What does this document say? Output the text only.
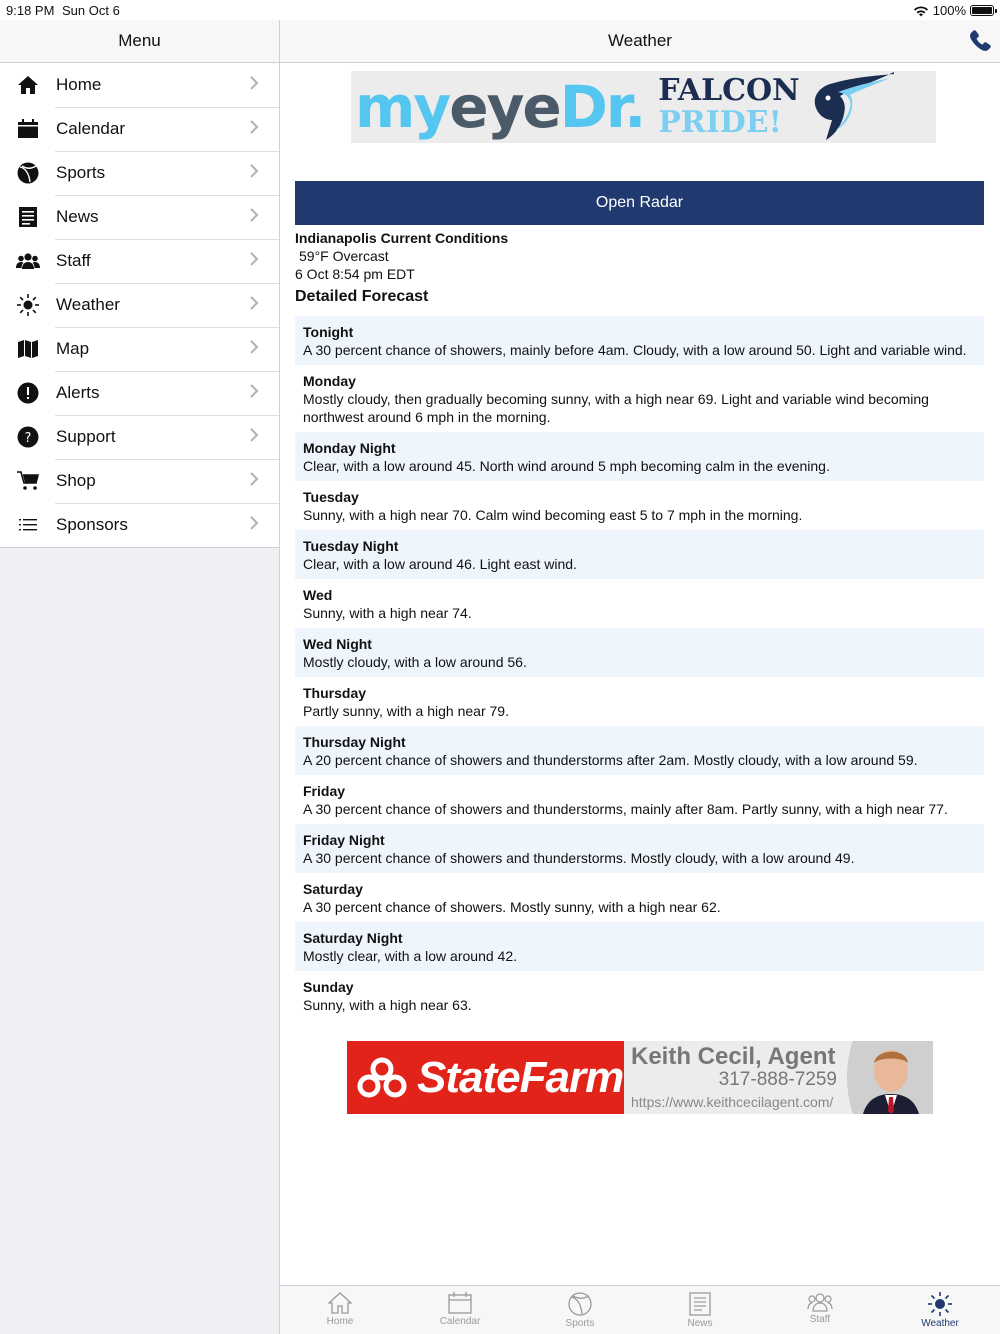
9:18 PM Sun Oct 6	100%
Menu
Home
Calendar
Sports
News
Staff
Weather
Map
Alerts
? Support
Shop
Sponsors
Weather
myeyeDr. FALCON
PRIDE!
Open Radar
Indianapolis Current Conditions
59°F Overcast
6 Oct 8:54 pm EDT
Detailed Forecast
Tonight
A 30 percent chance of showers, mainly before 4am. Cloudy, with a low around 50. Light and variable wind.
Monday
Mostly cloudy, then gradually becoming sunny, with a high near 69. Light and variable wind becoming northwest around 6 mph in the morning.
Monday Night
Clear, with a low around 45. North wind around 5 mph becoming calm in the evening.
Tuesday
Sunny, with a high near 70. Calm wind becoming east 5 to 7 mph in the morning.
Tuesday Night
Clear, with a low around 46. Light east wind.
Wed
Sunny, with a high near 74.
Wed Night
Mostly cloudy, with a low around 56.
Thursday
Partly sunny, with a high near 79.
Thursday Night
A 20 percent chance of showers and thunderstorms after 2am. Mostly cloudy, with a low around 59.
Friday
A 30 percent chance of showers and thunderstorms, mainly after 8am. Partly sunny, with a high near 77.
Friday Night
A 30 percent chance of showers and thunderstorms. Mostly cloudy, with a low around 49.
Saturday
A 30 percent chance of showers. Mostly sunny, with a high near 62.
Saturday Night
Mostly clear, with a low around 42.
Sunday
Sunny, with a high near 63.
StateFarm Keith Cecil, Agent
317-888-7259
https://www.keithcecilagent.com/
Home	Calendar	Sports	News	Staff	Weather
